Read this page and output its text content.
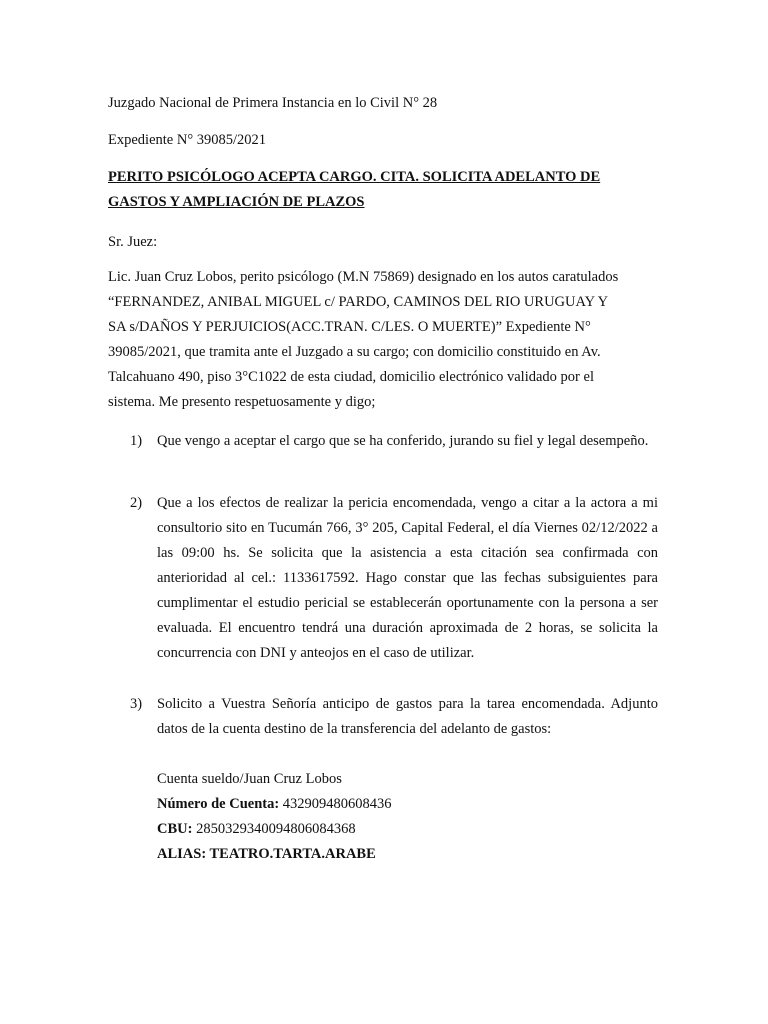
Juzgado Nacional de Primera Instancia en lo Civil N° 28
Expediente N° 39085/2021
PERITO PSICÓLOGO ACEPTA CARGO. CITA. SOLICITA ADELANTO DE GASTOS Y AMPLIACIÓN DE PLAZOS
Sr. Juez:
Lic. Juan Cruz Lobos, perito psicólogo (M.N 75869) designado en los autos caratulados
“FERNANDEZ, ANIBAL MIGUEL c/ PARDO, CAMINOS DEL RIO URUGUAY Y
SA s/DAÑOS Y PERJUICIOS(ACC.TRAN. C/LES. O MUERTE)” Expediente N°
39085/2021, que tramita ante el Juzgado a su cargo; con domicilio constituido en Av.
Talcahuano 490, piso 3°C1022 de esta ciudad, domicilio electrónico validado por el
sistema. Me presento respetuosamente y digo;
1) Que vengo a aceptar el cargo que se ha conferido, jurando su fiel y legal desempeño.
2) Que a los efectos de realizar la pericia encomendada, vengo a citar a la actora a mi consultorio sito en Tucumán 766, 3° 205, Capital Federal, el día Viernes 02/12/2022 a las 09:00 hs. Se solicita que la asistencia a esta citación sea confirmada con anterioridad al cel.: 1133617592. Hago constar que las fechas subsiguientes para cumplimentar el estudio pericial se establecerán oportunamente con la persona a ser evaluada. El encuentro tendrá una duración aproximada de 2 horas, se solicita la concurrencia con DNI y anteojos en el caso de utilizar.
3) Solicito a Vuestra Señoría anticipo de gastos para la tarea encomendada. Adjunto datos de la cuenta destino de la transferencia del adelanto de gastos:
Cuenta sueldo/Juan Cruz Lobos
Número de Cuenta: 432909480608436
CBU: 2850329340094806084368
ALIAS: TEATRO.TARTA.ARABE
